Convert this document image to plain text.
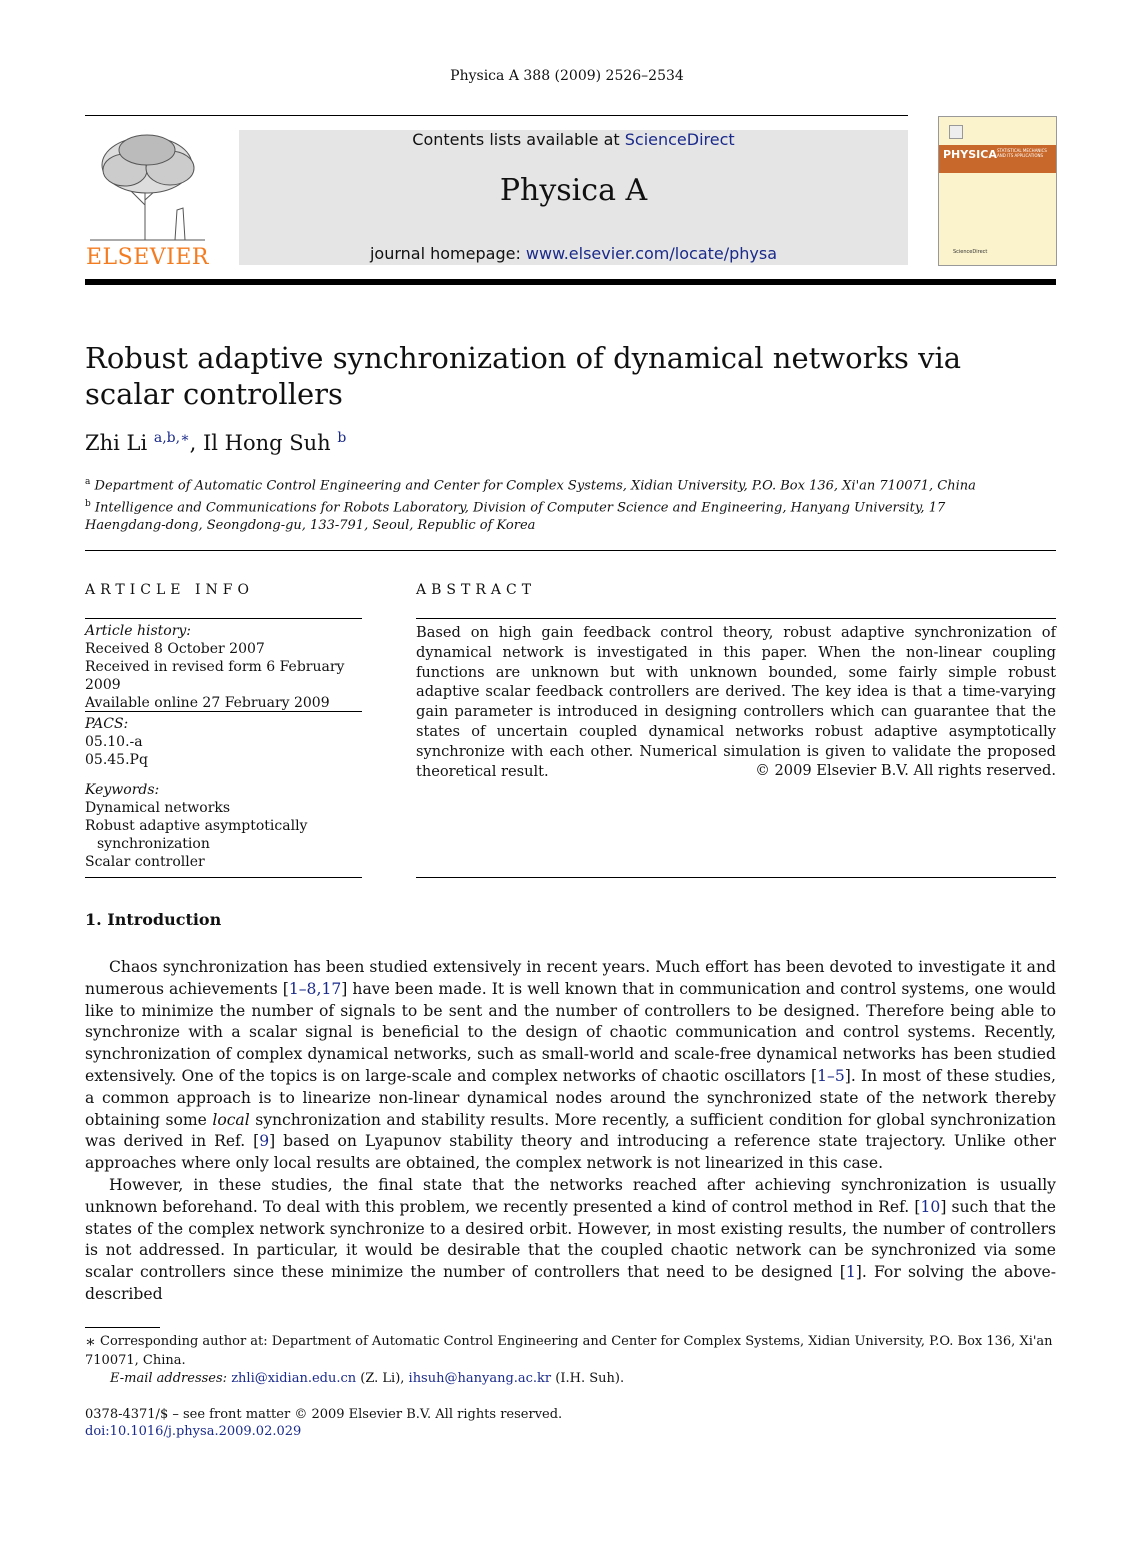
Physica A 388 (2009) 2526–2534
ELSEVIER
Contents lists available at ScienceDirect
Physica A
journal homepage: www.elsevier.com/locate/physa
PHYSICA STATISTICAL MECHANICS AND ITS APPLICATIONS
ScienceDirect
Robust adaptive synchronization of dynamical networks via
scalar controllers
Zhi Li $^{a,b,∗}$, Il Hong Suh $^b$
$^a$ Department of Automatic Control Engineering and Center for Complex Systems, Xidian University, P.O. Box 136, Xi'an 710071, China
$^b$ Intelligence and Communications for Robots Laboratory, Division of Computer Science and Engineering, Hanyang University, 17 Haengdang-dong, Seongdong-gu, 133-791, Seoul, Republic of Korea
ARTICLE INFO	ABSTRACT
Article history:
Received 8 October 2007
Received in revised form 6 February 2009
Available online 27 February 2009
PACS:
05.10.-a
05.45.Pq
Keywords:
Dynamical networks
Robust adaptive asymptotically
synchronization
Scalar controller
Based on high gain feedback control theory, robust adaptive synchronization of dynamical network is investigated in this paper. When the non-linear coupling functions are unknown but with unknown bounded, some fairly simple robust adaptive scalar feedback controllers are derived. The key idea is that a time-varying gain parameter is introduced in designing controllers which can guarantee that the states of uncertain coupled dynamical networks robust adaptive asymptotically synchronize with each other. Numerical simulation is given to validate the proposed theoretical result.	© 2009 Elsevier B.V. All rights reserved.
1. Introduction

Chaos synchronization has been studied extensively in recent years. Much effort has been devoted to investigate it and numerous achievements [1–8,17] have been made. It is well known that in communication and control systems, one would like to minimize the number of signals to be sent and the number of controllers to be designed. Therefore being able to synchronize with a scalar signal is beneficial to the design of chaotic communication and control systems. Recently, synchronization of complex dynamical networks, such as small-world and scale-free dynamical networks has been studied extensively. One of the topics is on large-scale and complex networks of chaotic oscillators [1–5]. In most of these studies, a common approach is to linearize non-linear dynamical nodes around the synchronized state of the network thereby obtaining some local synchronization and stability results. More recently, a sufficient condition for global synchronization was derived in Ref. [9] based on Lyapunov stability theory and introducing a reference state trajectory. Unlike other approaches where only local results are obtained, the complex network is not linearized in this case.

However, in these studies, the final state that the networks reached after achieving synchronization is usually unknown beforehand. To deal with this problem, we recently presented a kind of control method in Ref. [10] such that the states of the complex network synchronize to a desired orbit. However, in most existing results, the number of controllers is not addressed. In particular, it would be desirable that the coupled chaotic network can be synchronized via some scalar controllers since these minimize the number of controllers that need to be designed [1]. For solving the above-described

∗ Corresponding author at: Department of Automatic Control Engineering and Center for Complex Systems, Xidian University, P.O. Box 136, Xi'an 710071, China.
E-mail addresses: zhli@xidian.edu.cn (Z. Li), ihsuh@hanyang.ac.kr (I.H. Suh).
0378-4371/$ – see front matter © 2009 Elsevier B.V. All rights reserved.
doi:10.1016/j.physa.2009.02.029
